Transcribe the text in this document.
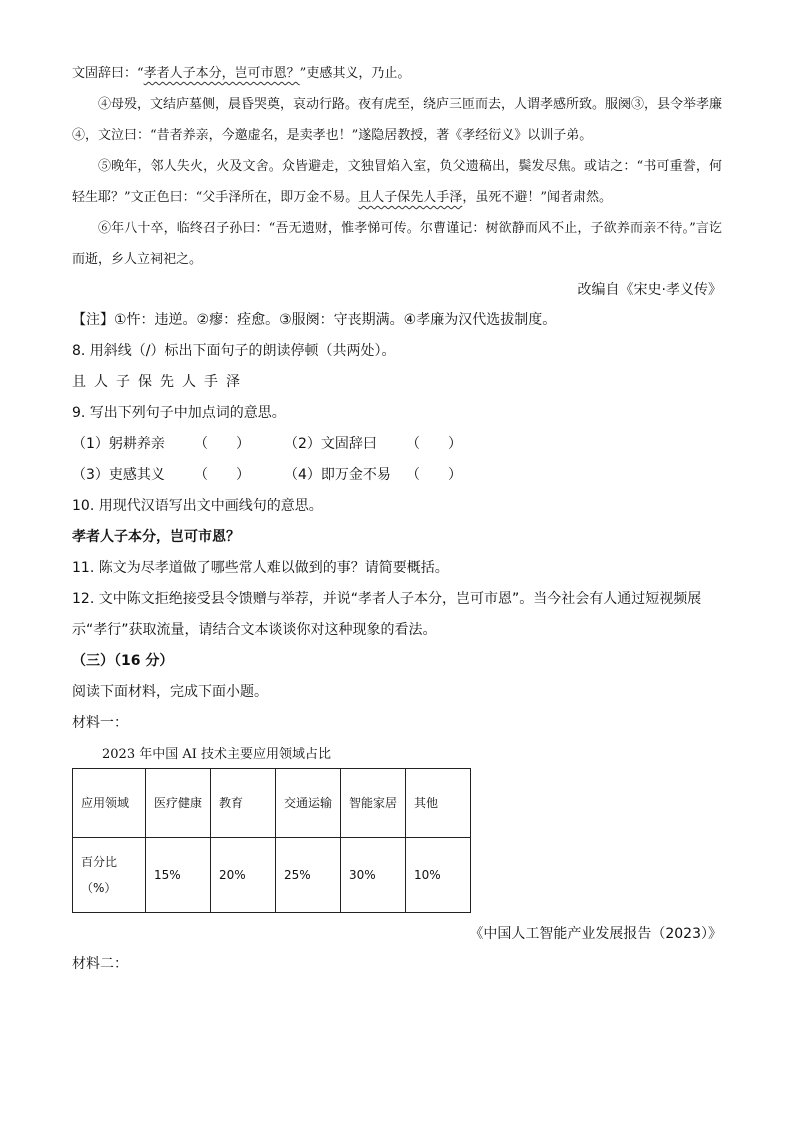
文固辞曰：“孝者人子本分，岂可市恩？”吏感其义，乃止。

④母殁，文结庐墓侧，晨昏哭奠，哀动行路。夜有虎至，绕庐三匝而去，人谓孝感所致。服阕③，县令举孝廉④，文泣曰：“昔者养亲，今邀虚名，是卖孝也！”遂隐居教授，著《孝经衍义》以训子弟。

⑤晚年，邻人失火，火及文舍。众皆避走，文独冒焰入室，负父遗稿出，鬓发尽焦。或诘之：“书可重誊，何轻生耶？”文正色曰：“父手泽所在，即万金不易。且人子保先人手泽，虽死不避！”闻者肃然。

⑥年八十卒，临终召子孙曰：“吾无遗财，惟孝悌可传。尔曹谨记：树欲静而风不止，子欲养而亲不待。”言讫而逝，乡人立祠祀之。

改编自《宋史·孝义传》

【注】①忤：违逆。②瘳：痊愈。③服阕：守丧期满。④孝廉为汉代选拔制度。

8. 用斜线（/）标出下面句子的朗读停顿（共两处）。

且人子保先人手泽

9. 写出下列句子中加点词的意思。

（1）躬耕养亲	（　　）	（2）文固辞曰	（　　）
（3）吏感其义	（　　）	（4）即万金不易	（　　）

10. 用现代汉语写出文中画线句的意思。

孝者人子本分，岂可市恩？

11. 陈文为尽孝道做了哪些常人难以做到的事？请简要概括。

12. 文中陈文拒绝接受县令馈赠与举荐，并说“孝者人子本分，岂可市恩”。当今社会有人通过短视频展示“孝行”获取流量，请结合文本谈谈你对这种现象的看法。

（三）（16 分）

阅读下面材料，完成下面小题。

材料一：

2023 年中国 AI 技术主要应用领域占比
应用领域	医疗健康	教育	交通运输	智能家居	其他

百分比（%）	15%	20%	25%	30%	10%

《中国人工智能产业发展报告（2023）》

材料二：
